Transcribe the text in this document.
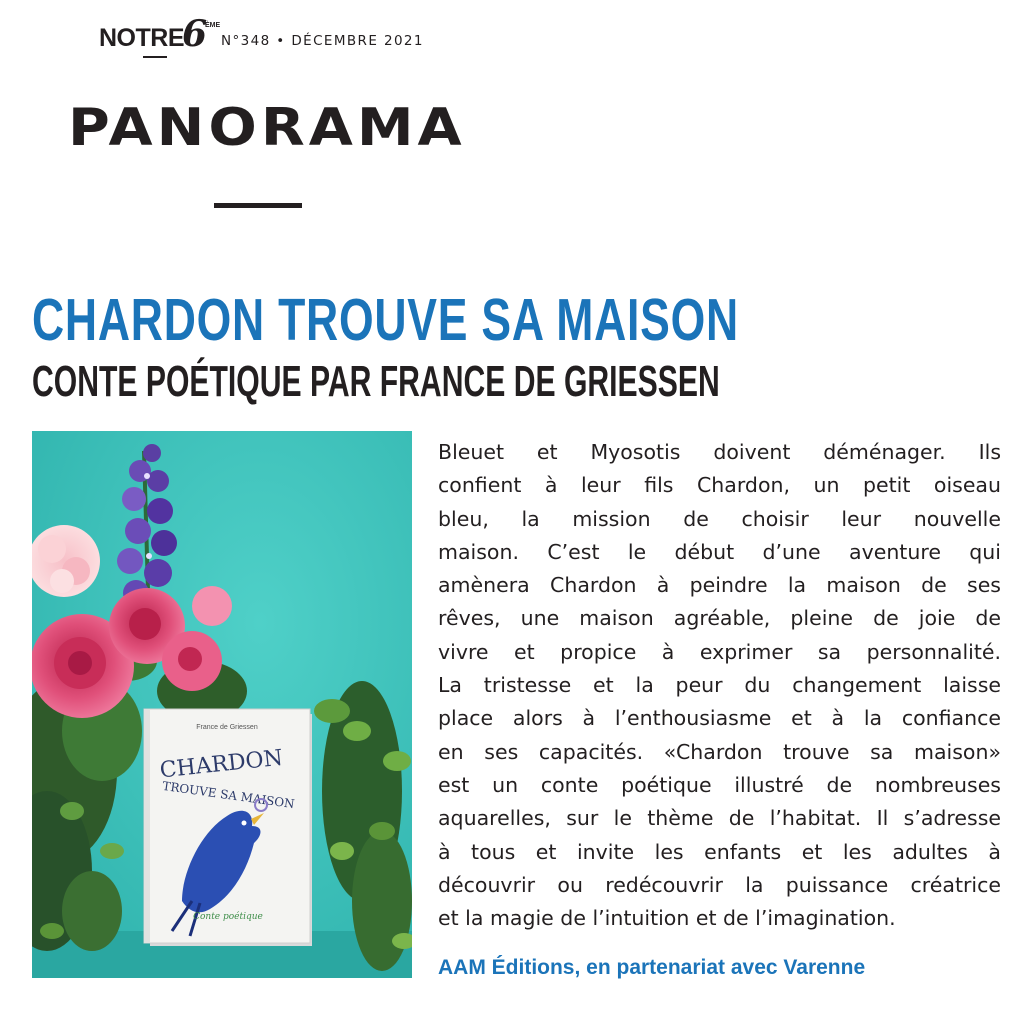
NOTRE
6
ÈME
N°348 • DÉCEMBRE 2021
PANORAMA
CHARDON TROUVE SA MAISON
CONTE POÉTIQUE PAR FRANCE DE GRIESSEN
France de Griessen
CHARDON
TROUVE SA MAISON
Conte poétique

Bleuet et Myosotis doivent déménager. Ils
confient à leur fils Chardon, un petit oiseau
bleu, la mission de choisir leur nouvelle
maison. C’est le début d’une aventure qui
amènera Chardon à peindre la maison de ses
rêves, une maison agréable, pleine de joie de
vivre et propice à exprimer sa personnalité.
La tristesse et la peur du changement laisse
place alors à l’enthousiasme et à la confiance
en ses capacités. «Chardon trouve sa maison»
est un conte poétique illustré de nombreuses
aquarelles, sur le thème de l’habitat. Il s’adresse
à tous et invite les enfants et les adultes à
découvrir ou redécouvrir la puissance créatrice
et la magie de l’intuition et de l’imagination.

AAM Éditions, en partenariat avec Varenne
